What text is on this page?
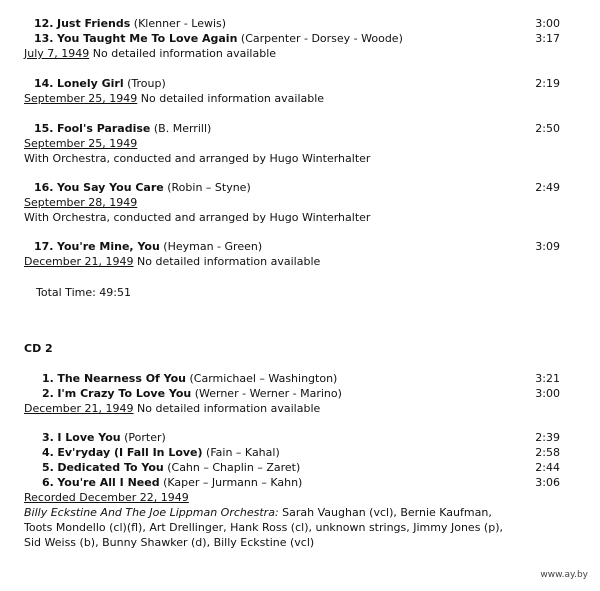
12. Just Friends (Klenner - Lewis)	3:00
13. You Taught Me To Love Again (Carpenter - Dorsey - Woode)	3:17
July 7, 1949 No detailed information available
14. Lonely Girl (Troup)	2:19
September 25, 1949 No detailed information available
15. Fool's Paradise (B. Merrill)	2:50
September 25, 1949
With Orchestra, conducted and arranged by Hugo Winterhalter
16. You Say You Care (Robin – Styne)	2:49
September 28, 1949
With Orchestra, conducted and arranged by Hugo Winterhalter
17. You're Mine, You (Heyman - Green)	3:09
December 21, 1949 No detailed information available
Total Time: 49:51
CD 2
1. The Nearness Of You (Carmichael – Washington)	3:21
2. I'm Crazy To Love You (Werner - Werner - Marino)	3:00
December 21, 1949 No detailed information available
3. I Love You (Porter)	2:39
4. Ev'ryday (I Fall In Love) (Fain – Kahal)	2:58
5. Dedicated To You (Cahn – Chaplin – Zaret)	2:44
6. You're All I Need (Kaper – Jurmann – Kahn)	3:06
Recorded December 22, 1949
Billy Eckstine And The Joe Lippman Orchestra: Sarah Vaughan (vcl), Bernie Kaufman,
Toots Mondello (cl)(fl), Art Drellinger, Hank Ross (cl), unknown strings, Jimmy Jones (p),
Sid Weiss (b), Bunny Shawker (d), Billy Eckstine (vcl)
www.ay.by
